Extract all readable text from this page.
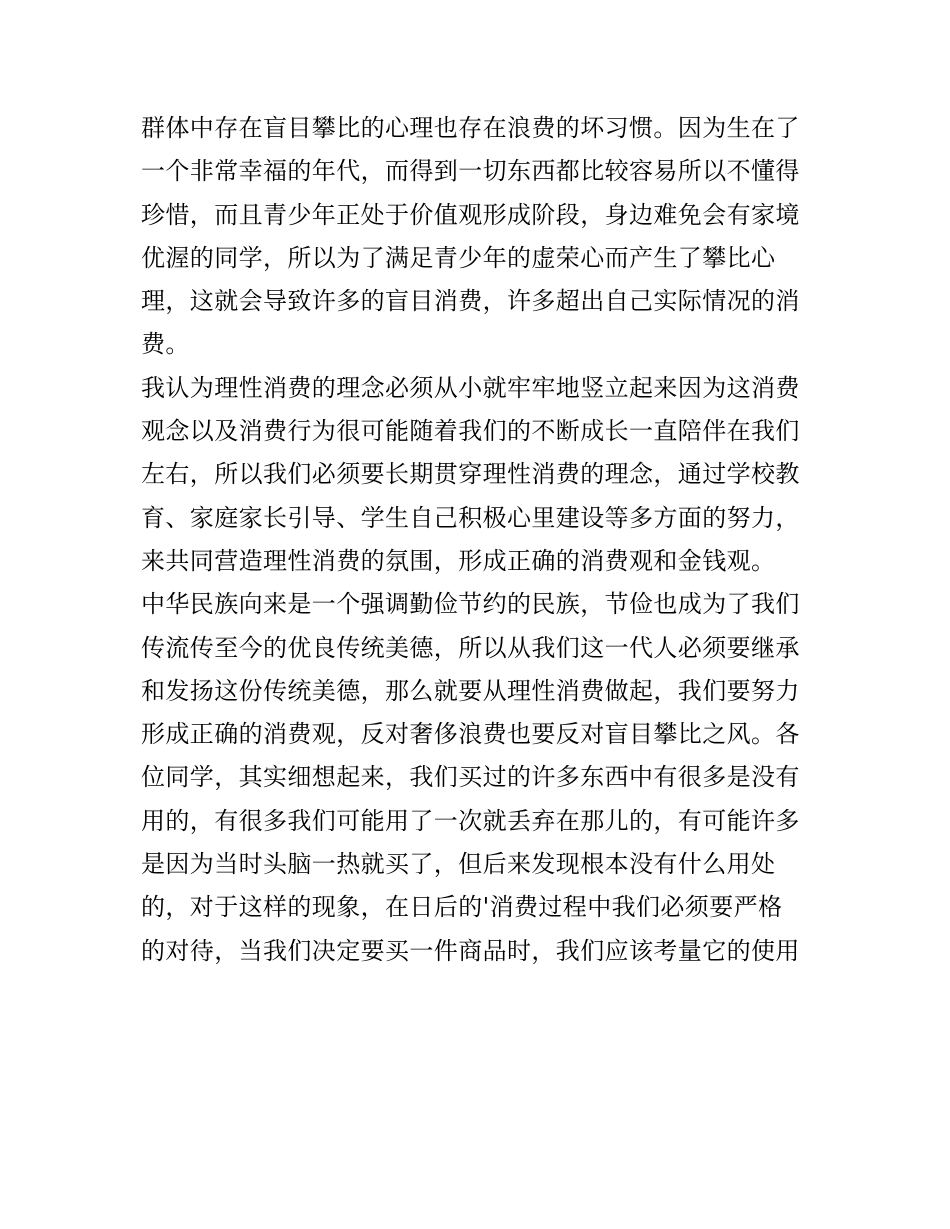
群体中存在盲目攀比的心理也存在浪费的坏习惯。因为生在了
一个非常幸福的年代，而得到一切东西都比较容易所以不懂得
珍惜，而且青少年正处于价值观形成阶段，身边难免会有家境
优渥的同学，所以为了满足青少年的虚荣心而产生了攀比心
理，这就会导致许多的盲目消费，许多超出自己实际情况的消
费。
我认为理性消费的理念必须从小就牢牢地竖立起来因为这消费
观念以及消费行为很可能随着我们的不断成长一直陪伴在我们
左右，所以我们必须要长期贯穿理性消费的理念，通过学校教
育、家庭家长引导、学生自己积极心里建设等多方面的努力，
来共同营造理性消费的氛围，形成正确的消费观和金钱观。
中华民族向来是一个强调勤俭节约的民族，节俭也成为了我们
传流传至今的优良传统美德，所以从我们这一代人必须要继承
和发扬这份传统美德，那么就要从理性消费做起，我们要努力
形成正确的消费观，反对奢侈浪费也要反对盲目攀比之风。各
位同学，其实细想起来，我们买过的许多东西中有很多是没有
用的，有很多我们可能用了一次就丢弃在那儿的，有可能许多
是因为当时头脑一热就买了，但后来发现根本没有什么用处
的，对于这样的现象，在日后的'消费过程中我们必须要严格
的对待，当我们决定要买一件商品时，我们应该考量它的使用
